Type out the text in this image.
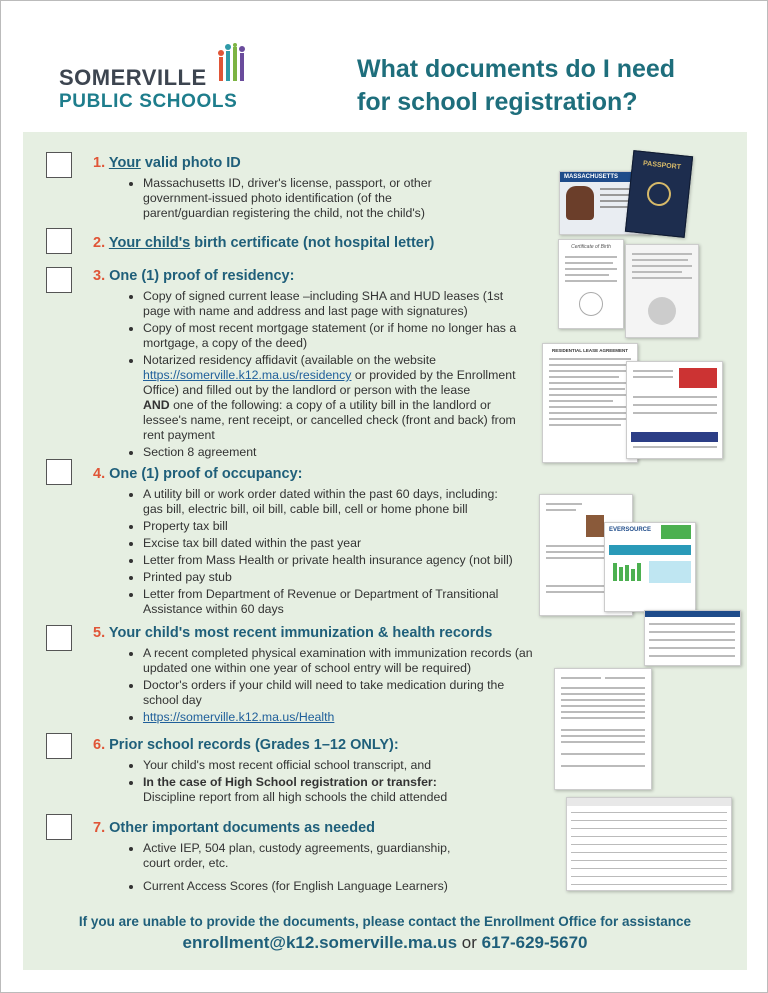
SOMERVILLE
PUBLIC SCHOOLS
What documents do I need
for school registration?
1. Your valid photo ID
• Massachusetts ID, driver's license, passport, or other government-issued photo identification (of the parent/guardian registering the child, not the child's)
2. Your child's birth certificate (not hospital letter)
3. One (1) proof of residency:
• Copy of signed current lease –including SHA and HUD leases (1st page with name and address and last page with signatures)
• Copy of most recent mortgage statement (or if home no longer has a mortgage, a copy of the deed)
• Notarized residency affidavit (available on the website https://somerville.k12.ma.us/residency or provided by the Enrollment Office) and filled out by the landlord or person with the lease
AND one of the following: a copy of a utility bill in the landlord or lessee's name, rent receipt, or cancelled check (front and back) from rent payment
• Section 8 agreement
4. One (1) proof of occupancy:
• A utility bill or work order dated within the past 60 days, including: gas bill, electric bill, oil bill, cable bill, cell or home phone bill
• Property tax bill
• Excise tax bill dated within the past year
• Letter from Mass Health or private health insurance agency (not bill)
• Printed pay stub
• Letter from Department of Revenue or Department of Transitional Assistance within 60 days
5. Your child's most recent immunization & health records
• A recent completed physical examination with immunization records (an updated one within one year of school entry will be required)
• Doctor's orders if your child will need to take medication during the school day
• https://somerville.k12.ma.us/Health
6. Prior school records (Grades 1–12 ONLY):
• Your child's most recent official school transcript, and
• In the case of High School registration or transfer:
Discipline report from all high schools the child attended
7. Other important documents as needed
• Active IEP, 504 plan, custody agreements, guardianship, court order, etc.
• Current Access Scores (for English Language Learners)
MASSACHUSETTS
PASSPORT
Certificate of Birth
RESIDENTIAL LEASE AGREEMENT
EVERSOURCE
If you are unable to provide the documents, please contact the Enrollment Office for assistance
enrollment@k12.somerville.ma.us or 617-629-5670
